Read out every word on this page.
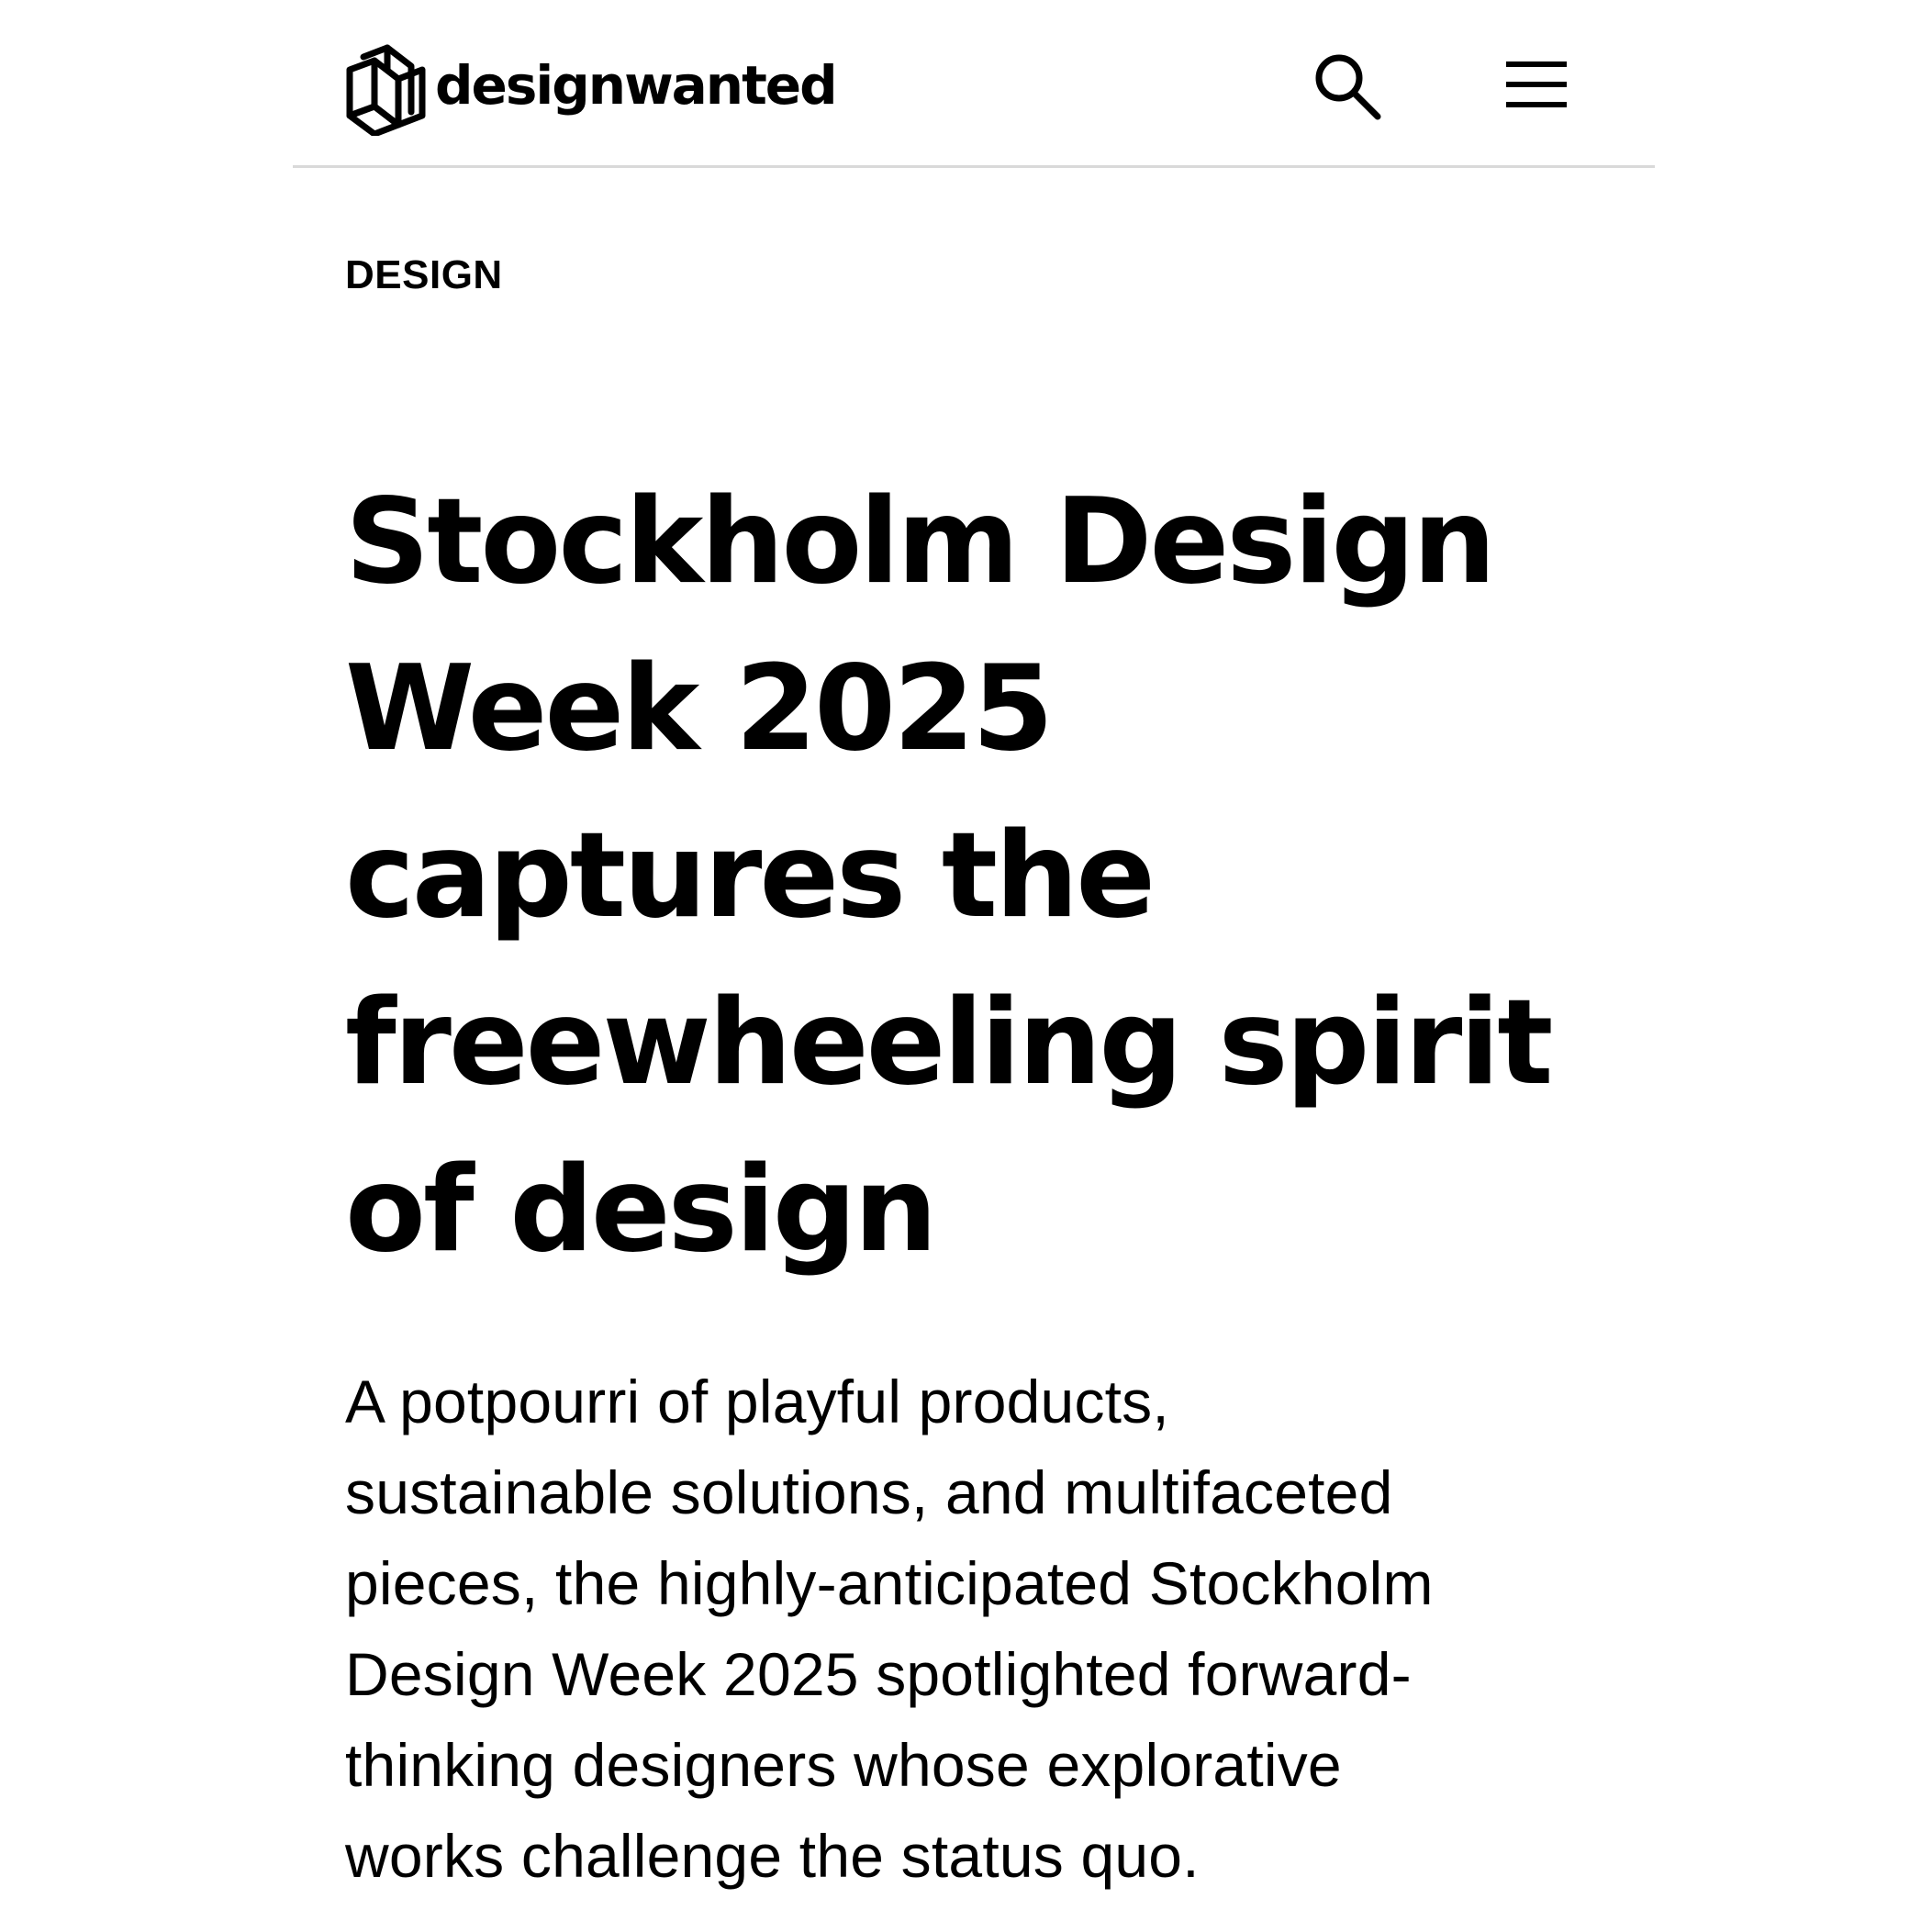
designwanted
DESIGN
Stockholm Design
Week 2025
captures the
freewheeling spirit
of design

A potpourri of playful products,
sustainable solutions, and multifaceted
pieces, the highly-anticipated Stockholm
Design Week 2025 spotlighted forward-
thinking designers whose explorative
works challenge the status quo.
